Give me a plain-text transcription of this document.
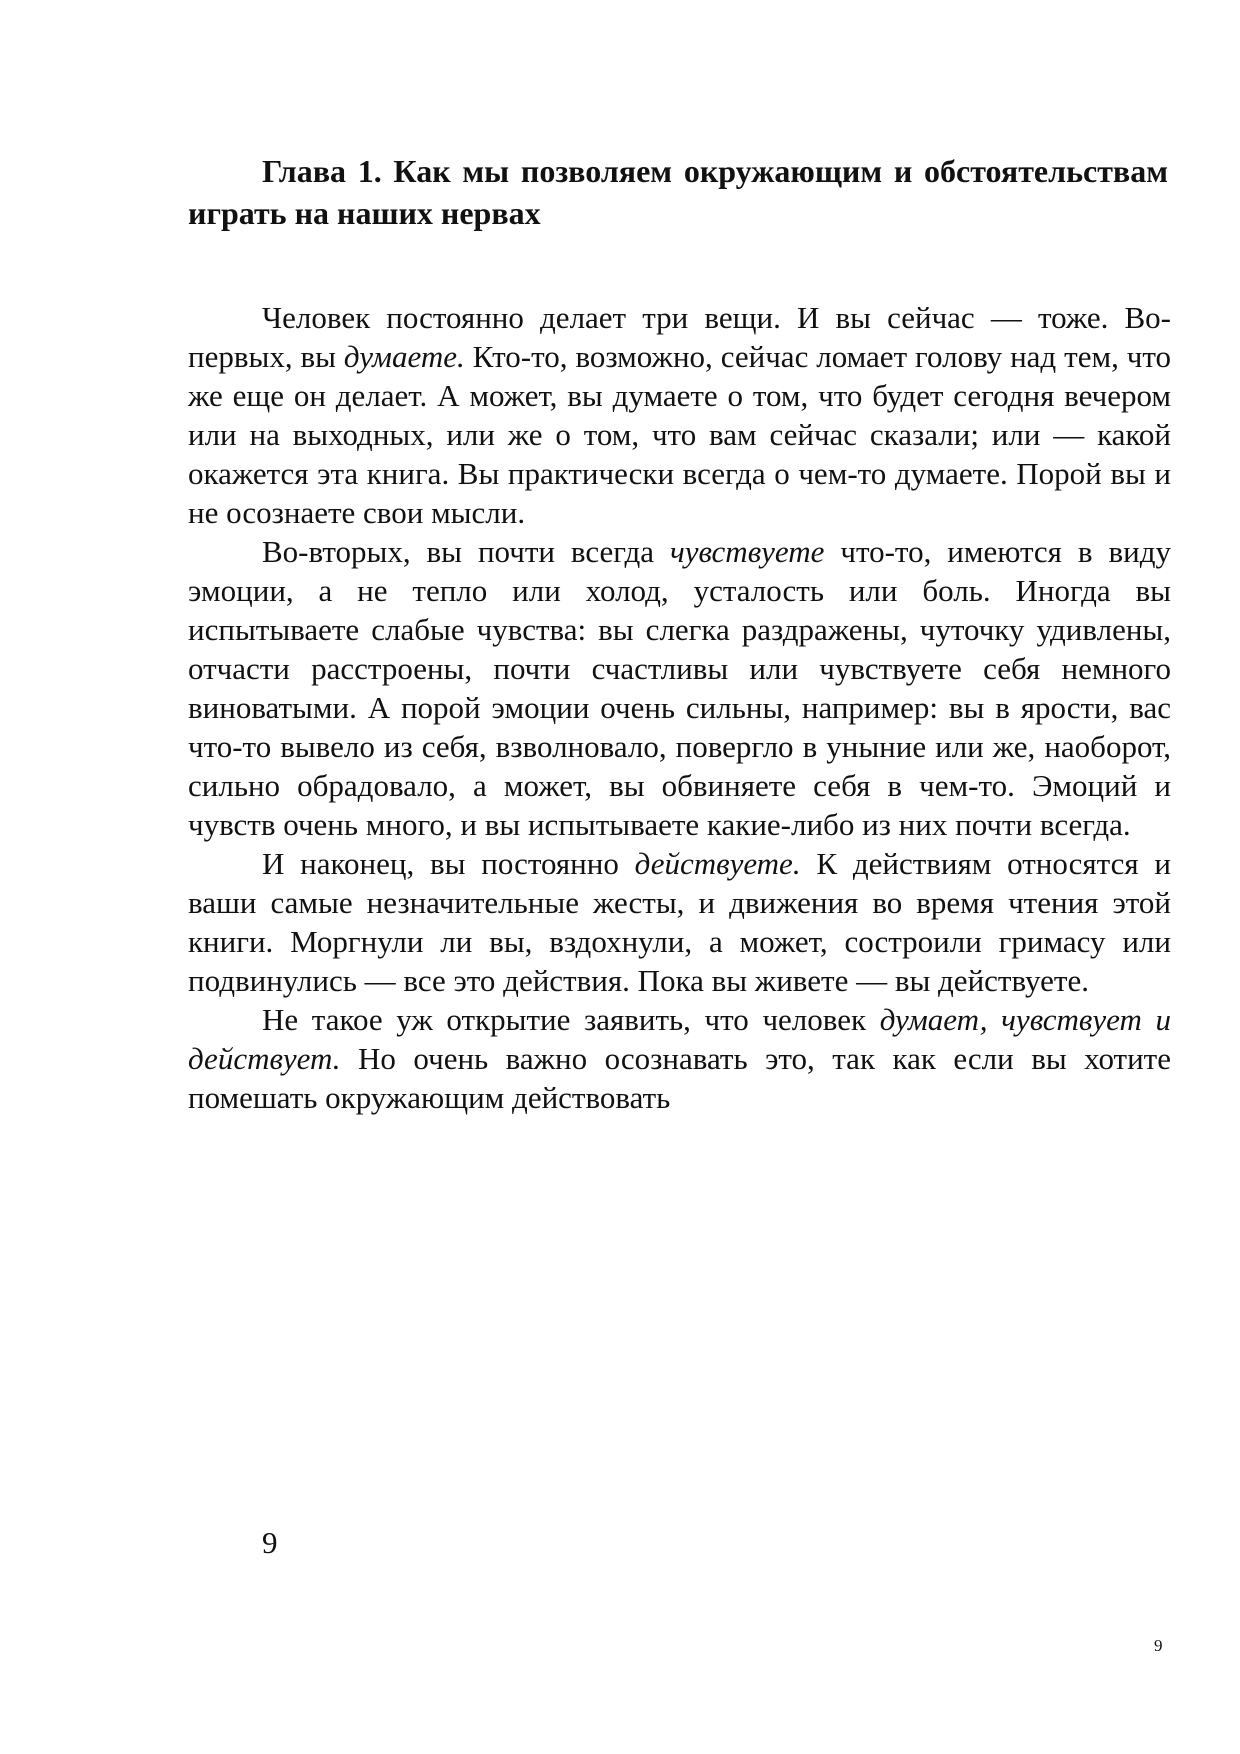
Глава 1. Как мы позволяем окружающим и обстоятельствам играть на наших нервах

Человек постоянно делает три вещи. И вы сейчас — тоже. Во-первых, вы думаете. Кто-то, возможно, сейчас ломает голову над тем, что же еще он делает. А может, вы думаете о том, что будет сегодня вечером или на выходных, или же о том, что вам сейчас сказали; или — какой окажется эта книга. Вы практически всегда о чем-то думаете. Порой вы и не осознаете свои мысли.

Во-вторых, вы почти всегда чувствуете что-то, имеются в виду эмоции, а не тепло или холод, усталость или боль. Иногда вы испытываете слабые чувства: вы слегка раздражены, чуточку удивлены, отчасти расстроены, почти счастливы или чувствуете себя немного виноватыми. А порой эмоции очень сильны, например: вы в ярости, вас что-то вывело из себя, взволновало, повергло в уныние или же, наоборот, сильно обрадовало, а может, вы обвиняете себя в чем-то. Эмоций и чувств очень много, и вы испытываете какие-либо из них почти всегда.

И наконец, вы постоянно действуете. К действиям относятся и ваши самые незначительные жесты, и движения во время чтения этой книги. Моргнули ли вы, вздохнули, а может, состроили гримасу или подвинулись — все это действия. Пока вы живете — вы действуете.

Не такое уж открытие заявить, что человек думает, чувствует и действует. Но очень важно осознавать это, так как если вы хотите помешать окружающим действовать

9
9
